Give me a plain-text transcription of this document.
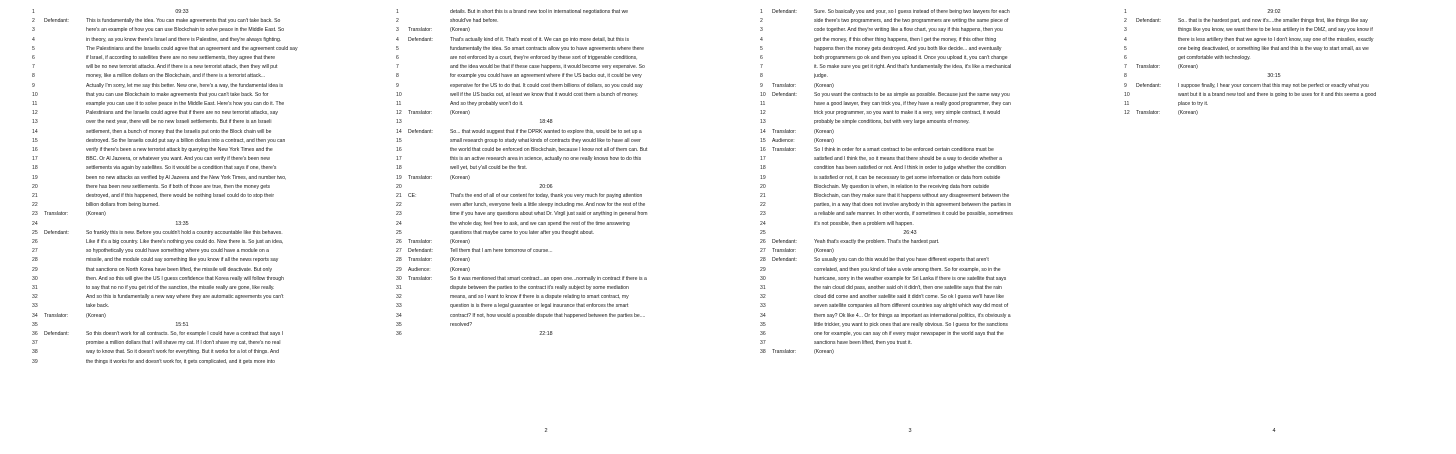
1	09:33
2	Defendant:	This is fundamentally the idea. You can make agreements that you can't take back. So
3	here's an example of how you can use Blockchain to solve peace in the Middle East. So
4	in theory, as you know there's Israel and there is Palestine, and they're always fighting.
5	The Palestinians and the Israelis could agree that an agreement and the agreement could say
6	if Israel, if according to satellites there are no new settlements, they agree that there
7	will be no new terrorist attacks. And if there is a new terrorist attack, then they will put
8	money, like a million dollars on the Blockchain, and if there is a terrorist attack...
9	Actually I'm sorry, let me say this better. New one, here's a way, the fundamental idea is
10	that you can use Blockchain to make agreements that you can't take back. So for
11	example you can use it to solve peace in the Middle East. Here's how you can do it. The
12	Palestinians and the Israelis could agree that if there are no new terrorist attacks, say
13	over the next year, there will be no new Israeli settlements. But if there is an Israeli
14	settlement, then a bunch of money that the Israelis put onto the Block chain will be
15	destroyed. So the Israelis could put say a billion dollars into a contract, and then you can
16	verify if there's been a new terrorist attack by querying the New York Times and the
17	BBC. Or Al Jazeera, or whatever you want. And you can verify if there's been new
18	settlements via again by satellites. So it would be a condition that says if one, there's
19	been no new attacks as verified by Al Jazeera and the New York Times, and number two,
20	there has been new settlements. So if both of those are true, then the money gets
21	destroyed, and if this happened, there would be nothing Israel could do to stop their
22	billion dollars from being burned.
23	Translator:	(Korean)
24	13:35
25	Defendant:	So frankly this is new. Before you couldn't hold a country accountable like this behaves.
26	Like if it's a big country. Like there's nothing you could do. Now there is. So just an idea,
27	so hypothetically you could have something where you could have a module on a
28	missile, and the module could say something like you know if all the news reports say
29	that sanctions on North Korea have been lifted, the missile will deactivate. But only
30	then. And so this will give the US I guess confidence that Korea really will follow through
31	to say that no no if you get rid of the sanction, the missile really are gone, like really.
32	And so this is fundamentally a new way where they are automatic agreements you can't
33	take back.
34	Translator:	(Korean)
35	15:51
36	Defendant:	So this doesn't work for all contracts. So, for example I could have a contract that says I
37	promise a million dollars that I will shave my cat. If I don't shave my cat, there's no real
38	way to know that. So it doesn't work for everything. But it works for a lot of things. And
39	the things it works for and doesn't work for, it gets complicated, and it gets more into
1	details. But in short this is a brand new tool in international negotiations that we
2	should've had before.
3	Translator:	(Korean)
4	Defendant:	That's actually kind of it. That's most of it. We can go into more detail, but this is
5	fundamentally the idea. So smart contracts allow you to have agreements where there
6	are not enforced by a court, they're enforced by these sort of triggerable conditions,
7	and the idea would be that if these case happens, it would become very expensive. So
8	for example you could have an agreement where if the US backs out, it could be very
9	expensive for the US to do that. It could cost them billions of dollars, so you could say
10	well if the US backs out, at least we know that it would cost them a bunch of money.
11	And so they probably won't do it.
12	Translator:	(Korean)
13	18:48
14	Defendant:	So... that would suggest that if the DPRK wanted to explore this, would be to set up a
15	small research group to study what kinds of contracts they would like to have all over
16	the world that could be enforced on Blockchain, because I know not all of them can. But
17	this is an active research area in science, actually no one really knows how to do this
18	well yet, but y'all could be the first.
19	Translator:	(Korean)
20	20:06
21	CE:	That's the end of all of our content for today, thank you very much for paying attention
22	even after lunch, everyone feels a little sleepy including me. And now for the rest of the
23	time if you have any questions about what Dr. Virgil just said or anything in general from
24	the whole day, feel free to ask, and we can spend the rest of the time answering
25	questions that maybe came to you later after you thought about.
26	Translator:	(Korean)
27	Defendant:	Tell them that I am here tomorrow of course...
28	Translator:	(Korean)
29	Audience:	(Korean)
30	Translator:	So it was mentioned that smart contract...an open one...normally in contract if there is a
31	dispute between the parties to the contract it's really subject by some mediation
32	means, and so I want to know if there is a dispute relating to smart contract, my
33	question is is there a legal guarantee or legal insurance that enforces the smart
34	contract? If not, how would a possible dispute that happened between the parties be....
35	resolved?
36	22:18
2
1	Defendant:	Sure. So basically you and your, so I guess instead of there being two lawyers for each
2	side there's two programmers, and the two programmers are writing the same piece of
3	code together. And they're writing like a flow chart, you say if this happens, then you
4	get the money, if this other thing happens, then I get the money, if this other thing
5	happens then the money gets destroyed. And you both like decide... and eventually
6	both programmers go ok and then you upload it. Once you upload it, you can't change
7	it. So make sure you get it right. And that's fundamentally the idea, it's like a mechanical
8	judge.
9	Translator:	(Korean)
10	Defendant:	So you want the contracts to be as simple as possible. Because just the same way you
11	have a good lawyer, they can trick you, if they have a really good programmer, they can
12	trick your programmer, so you want to make it a very, very simple contract, it would
13	probably be simple conditions, but with very large amounts of money.
14	Translator:	(Korean)
15	Audience:	(Korean)
16	Translator:	So I think in order for a smart contract to be enforced certain conditions must be
17	satisfied and I think the, so it means that there should be a way to decide whether a
18	condition has been satisfied or not. And I think in order to judge whether the condition
19	is satisfied or not, it can be necessary to get some information or data from outside
20	Blockchain. My question is when, in relation to the receiving data from outside
21	Blockchain, can they make sure that it happens without any disagreement between the
22	parties, in a way that does not involve anybody in this agreement between the parties in
23	a reliable and safe manner. In other words, if sometimes it could be possible, sometimes
24	it's not possible, then a problem will happen.
25	26:43
26	Defendant:	Yeah that's exactly the problem. That's the hardest part.
27	Translator:	(Korean)
28	Defendant:	So usually you can do this would be that you have different experts that aren't
29	correlated, and then you kind of take a vote among them. So for example, so in the
30	hurricane, sorry in the weather example for Sri Lanka if there is one satellite that says
31	the rain cloud did pass, another said oh it didn't, then one satellite says that the rain
32	cloud did come and another satellite said it didn't come. So ok I guess we'll have like
33	seven satellite companies all from different countries say alright which way did most of
34	them say? Ok like 4... Or for things as important as international politics, it's obviously a
35	little trickier, you want to pick ones that are really obvious. So I guess for the sanctions
36	one for example, you can say oh if every major newspaper in the world says that the
37	sanctions have been lifted, then you trust it.
38	Translator:	(Korean)
3
1	29:02
2	Defendant:	So.. that is the hardest part, and now it's....the smaller things first, like things like say
3	things like you know, we want there to be less artillery in the DMZ, and say you know if
4	there is less artillery then that we agree to I don't know, say one of the missiles, exactly
5	one being deactivated, or something like that and this is the way to start small, as we
6	get comfortable with technology.
7	Translator:	(Korean)
8	30:15
9	Defendant:	I suppose finally, I hear your concern that this may not be perfect or exactly what you
10	want but it is a brand new tool and there is going to be uses for it and this seems a good
11	place to try it.
12	Translator:	(Korean)
4
